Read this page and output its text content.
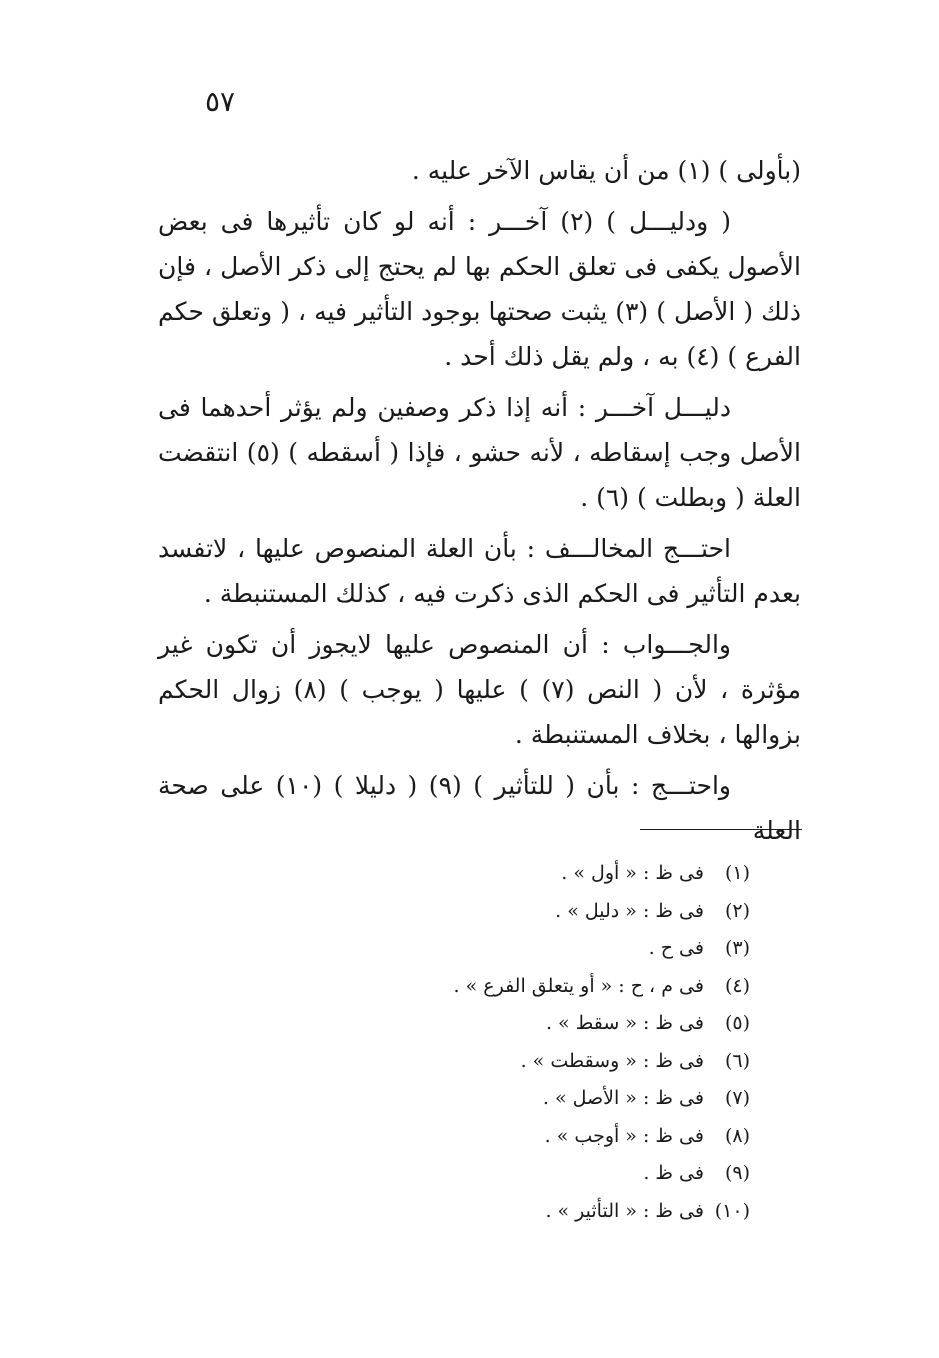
٥٧

(بأولى ) (١) من أن يقاس الآخر عليه .

( ودليـــل ) (٢) آخـــر : أنه لو كان تأثيرها فى بعض الأصول يكفى فى تعلق الحكم بها لم يحتج إلى ذكر الأصل ، فإن ذلك ( الأصل ) (٣) يثبت صحتها بوجود التأثير فيه ، ( وتعلق حكم الفرع ) (٤) به ، ولم يقل ذلك أحد .

دليـــل آخـــر : أنه إذا ذكر وصفين ولم يؤثر أحدهما فى الأصل وجب إسقاطه ، لأنه حشو ، فإذا ( أسقطه ) (٥) انتقضت العلة ( وبطلت ) (٦) .

احتـــج المخالـــف : بأن العلة المنصوص عليها ، لاتفسد بعدم التأثير فى الحكم الذى ذكرت فيه ، كذلك المستنبطة .

والجـــواب : أن المنصوص عليها لايجوز أن تكون غير مؤثرة ، لأن ( النص (٧) ) عليها ( يوجب ) (٨) زوال الحكم بزوالها ، بخلاف المستنبطة .

واحتـــج : بأن ( للتأثير ) (٩) ( دليلا ) (١٠) على صحة العلة

(١) فى ظ : « أول » .
(٢) فى ظ : « دليل » .
(٣) فى ح .
(٤) فى م ، ح : « أو يتعلق الفرع » .
(٥) فى ظ : « سقط » .
(٦) فى ظ : « وسقطت » .
(٧) فى ظ : « الأصل » .
(٨) فى ظ : « أوجب » .
(٩) فى ظ .
(١٠) فى ظ : « التأثير » .
